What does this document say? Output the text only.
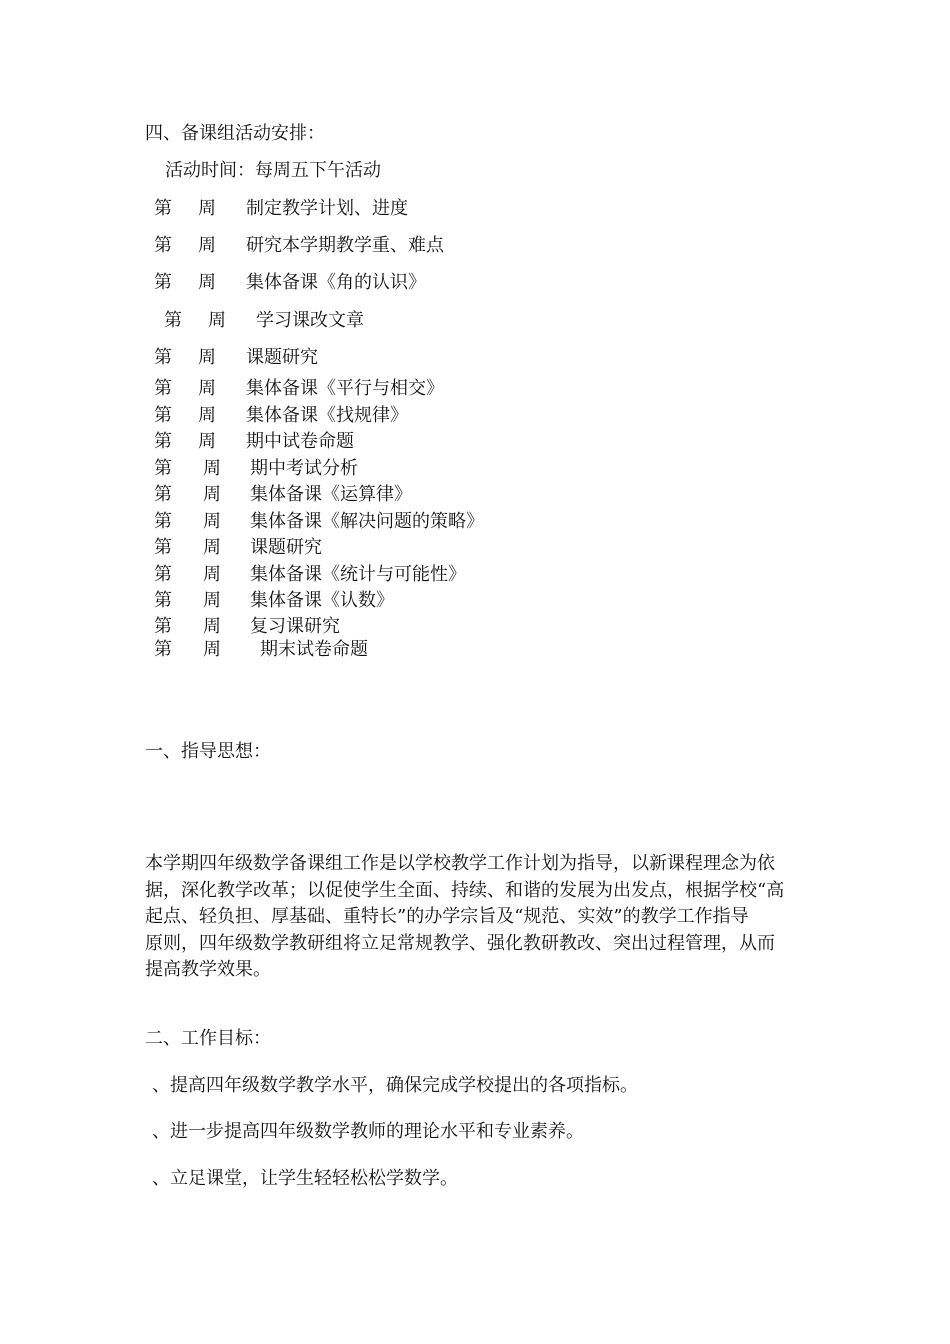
四、备课组活动安排：
活动时间：每周五下午活动
第 周 制定教学计划、进度
第 周 研究本学期教学重、难点
第 周 集体备课《角的认识》
第 周 学习课改文章
第 周 课题研究
第 周 集体备课《平行与相交》
第 周 集体备课《找规律》
第 周 期中试卷命题
第 周 期中考试分析
第 周 集体备课《运算律》
第 周 集体备课《解决问题的策略》
第 周 课题研究
第 周 集体备课《统计与可能性》
第 周 集体备课《认数》
第 周 复习课研究
第 周 期末试卷命题
一、指导思想：
本学期四年级数学备课组工作是以学校教学工作计划为指导，以新课程理念为依
据，深化教学改革；以促使学生全面、持续、和谐的发展为出发点，根据学校“高
起点、轻负担、厚基础、重特长”的办学宗旨及“规范、实效”的教学工作指导
原则，四年级数学教研组将立足常规教学、强化教研教改、突出过程管理，从而
提高教学效果。
二、工作目标：
、提高四年级数学教学水平，确保完成学校提出的各项指标。
、进一步提高四年级数学教师的理论水平和专业素养。
、立足课堂，让学生轻轻松松学数学。
